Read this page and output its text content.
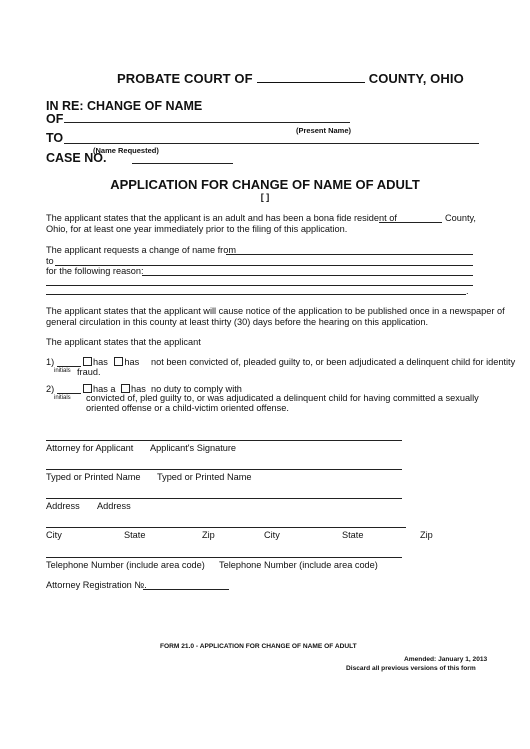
PROBATE COURT OF	COUNTY, OHIO
IN RE: CHANGE OF NAME
OF
(Present Name)
TO
(Name Requested)
CASE NO.
APPLICATION FOR CHANGE OF NAME OF ADULT
[ ]
The applicant states that the applicant is an adult and has been a bona fide resident of	County,
Ohio, for at least one year immediately prior to the filing of this application.
The applicant requests a change of name from
to
for the following reason:
.
The applicant states that the applicant will cause notice of the application to be published once in a newspaper of
general circulation in this county at least thirty (30) days before the hearing on this application.
The applicant states that the applicant
1)
initials
has has not been convicted of, pleaded guilty to, or been adjudicated a delinquent child for identity
fraud.
2)
initials
has a has no duty to comply with
convicted of, pled guilty to, or was adjudicated a delinquent child for having committed a sexually
oriented offense or a child-victim oriented offense.
Attorney for Applicant Applicant's Signature
Typed or Printed Name Typed or Printed Name
Address Address
City	State	Zip	City	State	Zip
Telephone Number (include area code) Telephone Number (include area code)
Attorney Registration №.
FORM 21.0 - APPLICATION FOR CHANGE OF NAME OF ADULT
Amended: January 1, 2013
Discard all previous versions of this form
